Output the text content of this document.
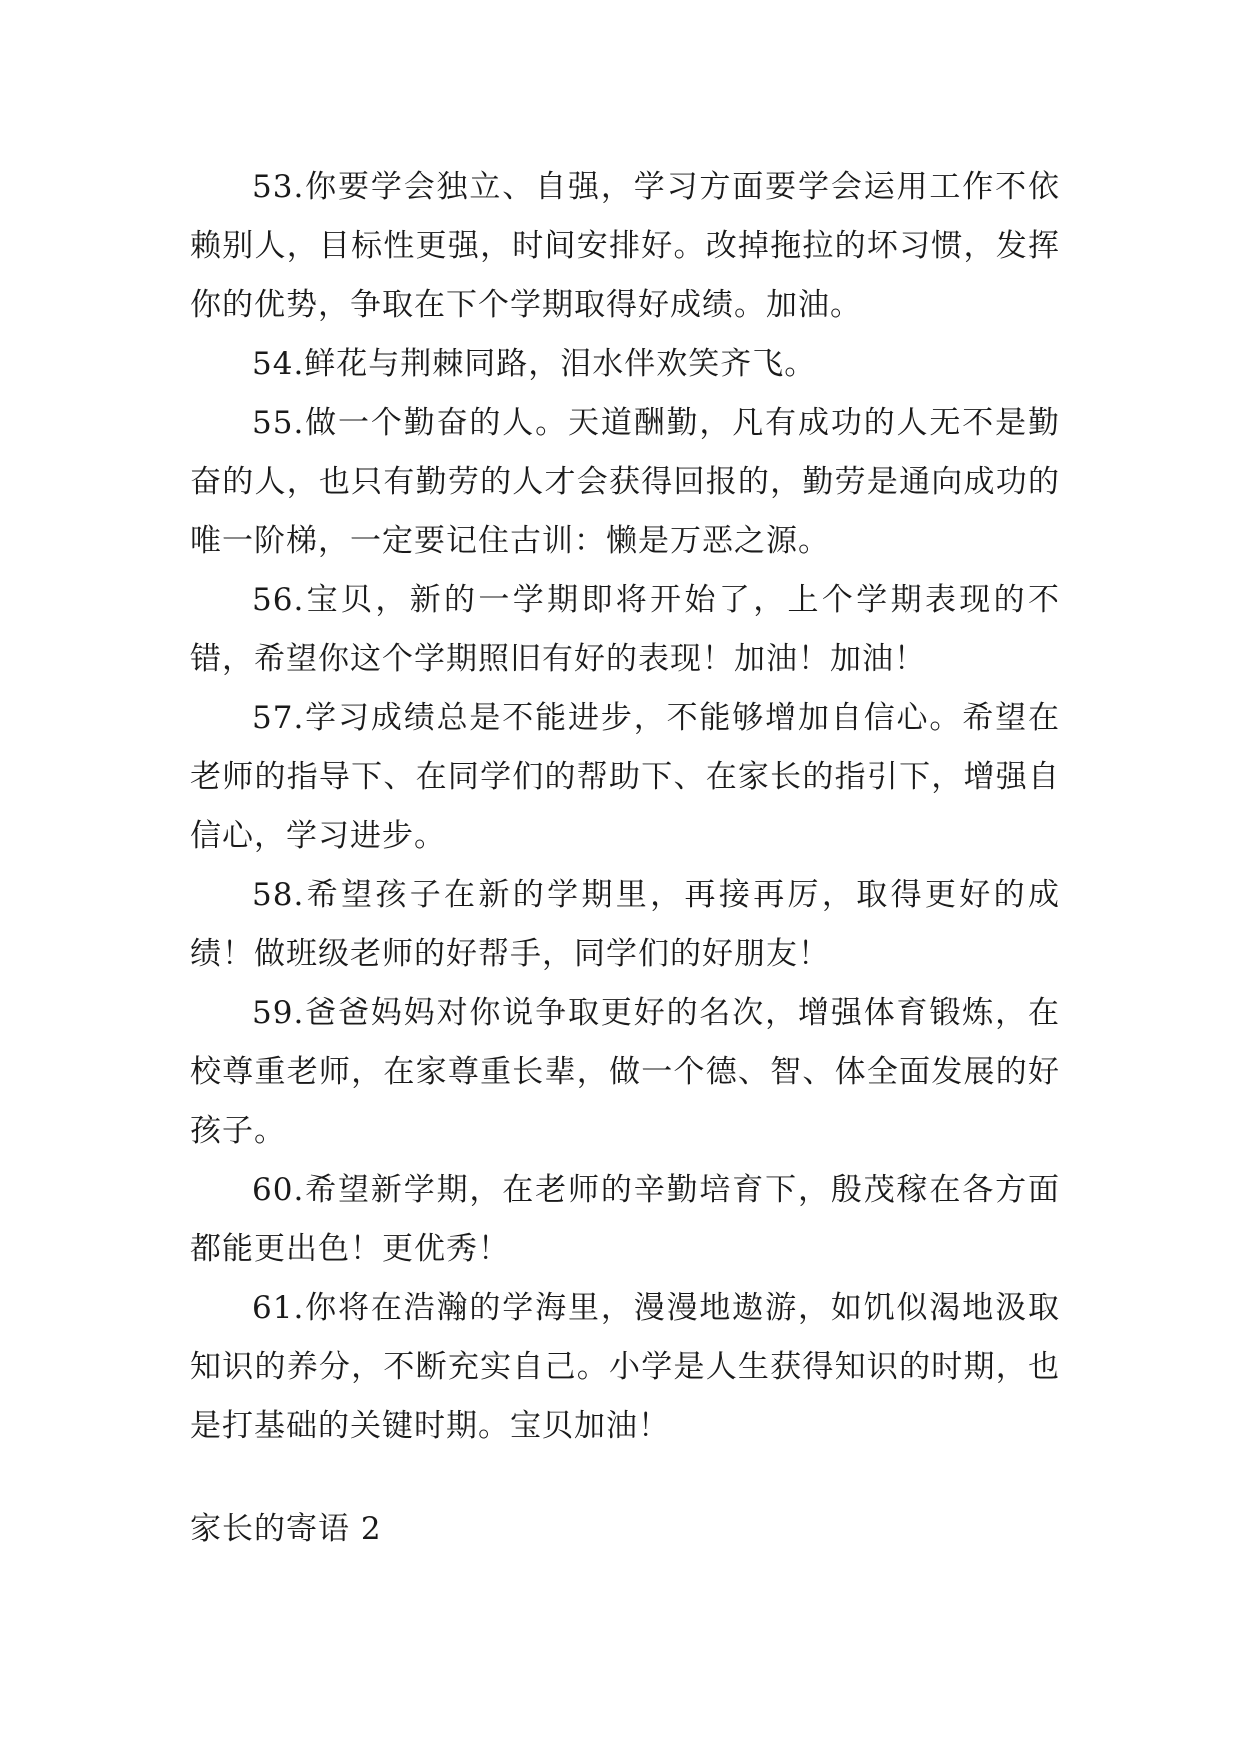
53.你要学会独立、自强，学习方面要学会运用工作不依赖别人，目标性更强，时间安排好。改掉拖拉的坏习惯，发挥你的优势，争取在下个学期取得好成绩。加油。

54.鲜花与荆棘同路，泪水伴欢笑齐飞。

55.做一个勤奋的人。天道酬勤，凡有成功的人无不是勤奋的人，也只有勤劳的人才会获得回报的，勤劳是通向成功的唯一阶梯，一定要记住古训：懒是万恶之源。

56.宝贝，新的一学期即将开始了，上个学期表现的不错，希望你这个学期照旧有好的表现！加油！加油！

57.学习成绩总是不能进步，不能够增加自信心。希望在老师的指导下、在同学们的帮助下、在家长的指引下，增强自信心，学习进步。

58.希望孩子在新的学期里，再接再厉，取得更好的成绩！做班级老师的好帮手，同学们的好朋友！

59.爸爸妈妈对你说争取更好的名次，增强体育锻炼，在校尊重老师，在家尊重长辈，做一个德、智、体全面发展的好孩子。

60.希望新学期，在老师的辛勤培育下，殷茂稼在各方面都能更出色！更优秀！

61.你将在浩瀚的学海里，漫漫地遨游，如饥似渴地汲取知识的养分，不断充实自己。小学是人生获得知识的时期，也是打基础的关键时期。宝贝加油！

家长的寄语 2
